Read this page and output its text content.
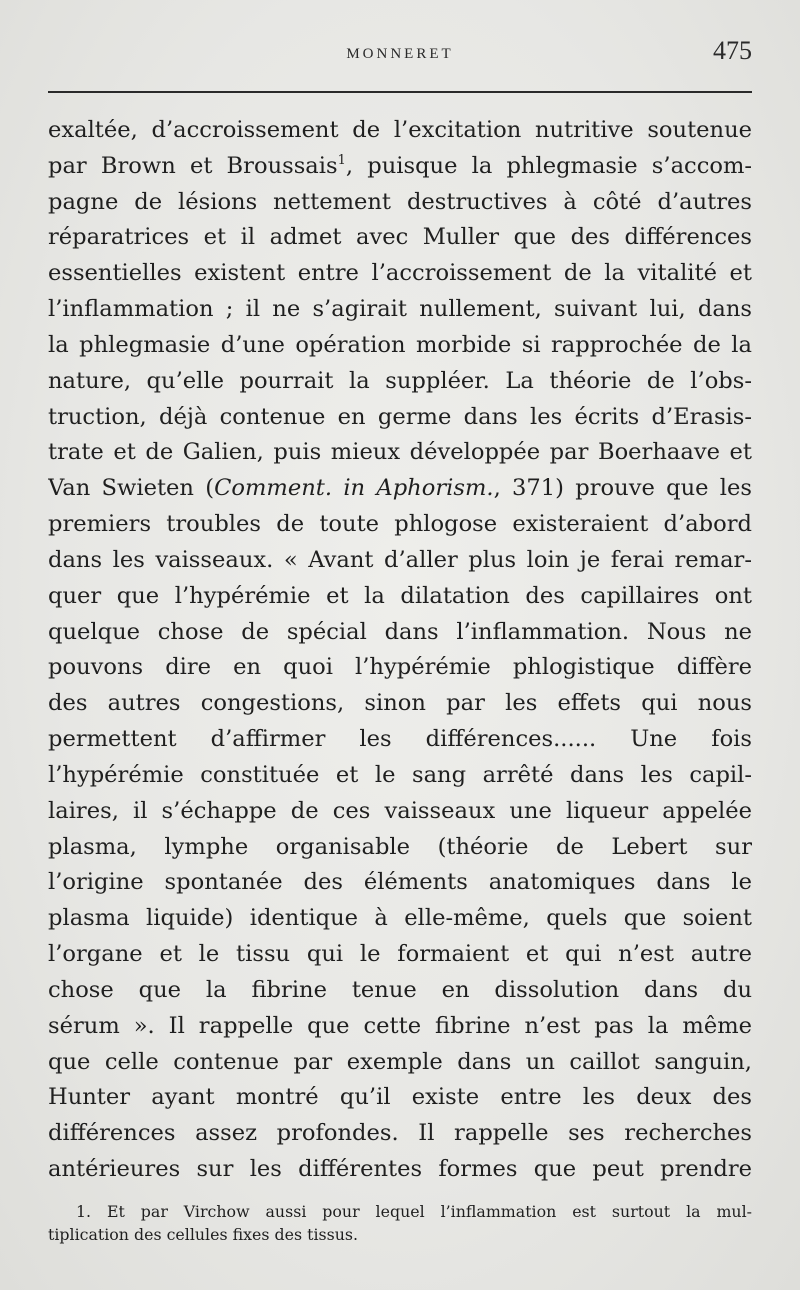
MONNERET	475
exaltée, d’accroissement de l’excitation nutritive soutenue
par Brown et Broussais$^1$, puisque la phlegmasie s’accom-
pagne de lésions nettement destructives à côté d’autres
réparatrices et il admet avec Muller que des différences
essentielles existent entre l’accroissement de la vitalité et
l’inflammation ; il ne s’agirait nullement, suivant lui, dans
la phlegmasie d’une opération morbide si rapprochée de la
nature, qu’elle pourrait la suppléer. La théorie de l’obs-
truction, déjà contenue en germe dans les écrits d’Erasis-
trate et de Galien, puis mieux développée par Boerhaave et
Van Swieten (Comment. in Aphorism., 371) prouve que les
premiers troubles de toute phlogose existeraient d’abord
dans les vaisseaux. « Avant d’aller plus loin je ferai remar-
quer que l’hypérémie et la dilatation des capillaires ont
quelque chose de spécial dans l’inflammation. Nous ne
pouvons dire en quoi l’hypérémie phlogistique diffère
des autres congestions, sinon par les effets qui nous
permettent d’affirmer les différences...... Une fois
l’hypérémie constituée et le sang arrêté dans les capil-
laires, il s’échappe de ces vaisseaux une liqueur appelée
plasma, lymphe organisable (théorie de Lebert sur
l’origine spontanée des éléments anatomiques dans le
plasma liquide) identique à elle-même, quels que soient
l’organe et le tissu qui le formaient et qui n’est autre
chose que la fibrine tenue en dissolution dans du
sérum ». Il rappelle que cette fibrine n’est pas la même
que celle contenue par exemple dans un caillot sanguin,
Hunter ayant montré qu’il existe entre les deux des
différences assez profondes. Il rappelle ses recherches
antérieures sur les différentes formes que peut prendre
1. Et par Virchow aussi pour lequel l’inflammation est surtout la mul-
tiplication des cellules fixes des tissus.
